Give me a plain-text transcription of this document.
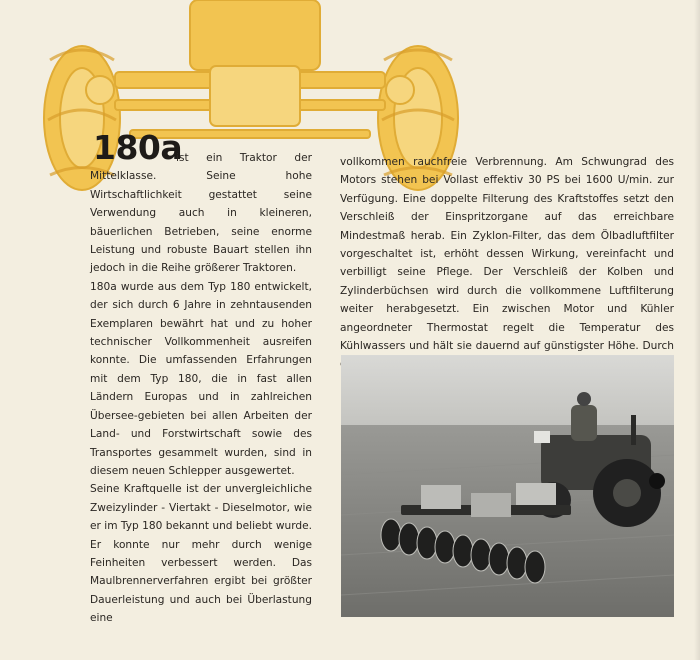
180a

ist ein Traktor der Mittelklasse. Seine hohe Wirtschaftlichkeit gestattet seine Verwendung auch in kleineren, bäuerlichen Betrieben, seine enorme Leistung und robuste Bauart stellen ihn jedoch in die Reihe größerer Traktoren.

180a wurde aus dem Typ 180 entwickelt, der sich durch 6 Jahre in zehntausenden Exemplaren bewährt hat und zu hoher technischer Vollkommenheit ausreifen konnte. Die umfassenden Erfahrungen mit dem Typ 180, die in fast allen Ländern Europas und in zahlreichen Übersee-gebieten bei allen Arbeiten der Land- und Forstwirtschaft sowie des Transportes gesammelt wurden, sind in diesem neuen Schlepper ausgewertet.

Seine Kraftquelle ist der unvergleichliche Zweizylinder - Viertakt - Dieselmotor, wie er im Typ 180 bekannt und beliebt wurde. Er konnte nur mehr durch wenige Feinheiten verbessert werden. Das Maulbrennerverfahren ergibt bei größter Dauerleistung und auch bei Überlastung eine

vollkommen rauchfreie Verbrennung. Am Schwungrad des Motors stehen bei Vollast effektiv 30 PS bei 1600 U/min. zur Verfügung. Eine doppelte Filterung des Kraftstoffes setzt den Verschleiß der Einspritzorgane auf das erreichbare Mindestmaß herab. Ein Zyklon-Filter, das dem Ölbadluftfilter vorgeschaltet ist, erhöht dessen Wirkung, vereinfacht und verbilligt seine Pflege. Der Verschleiß der Kolben und Zylinderbüchsen wird durch die vollkommene Luftfilterung weiter herabgesetzt. Ein zwischen Motor und Kühler angeordneter Thermostat regelt die Temperatur des Kühlwassers und hält sie dauernd auf günstigster Höhe. Durch
